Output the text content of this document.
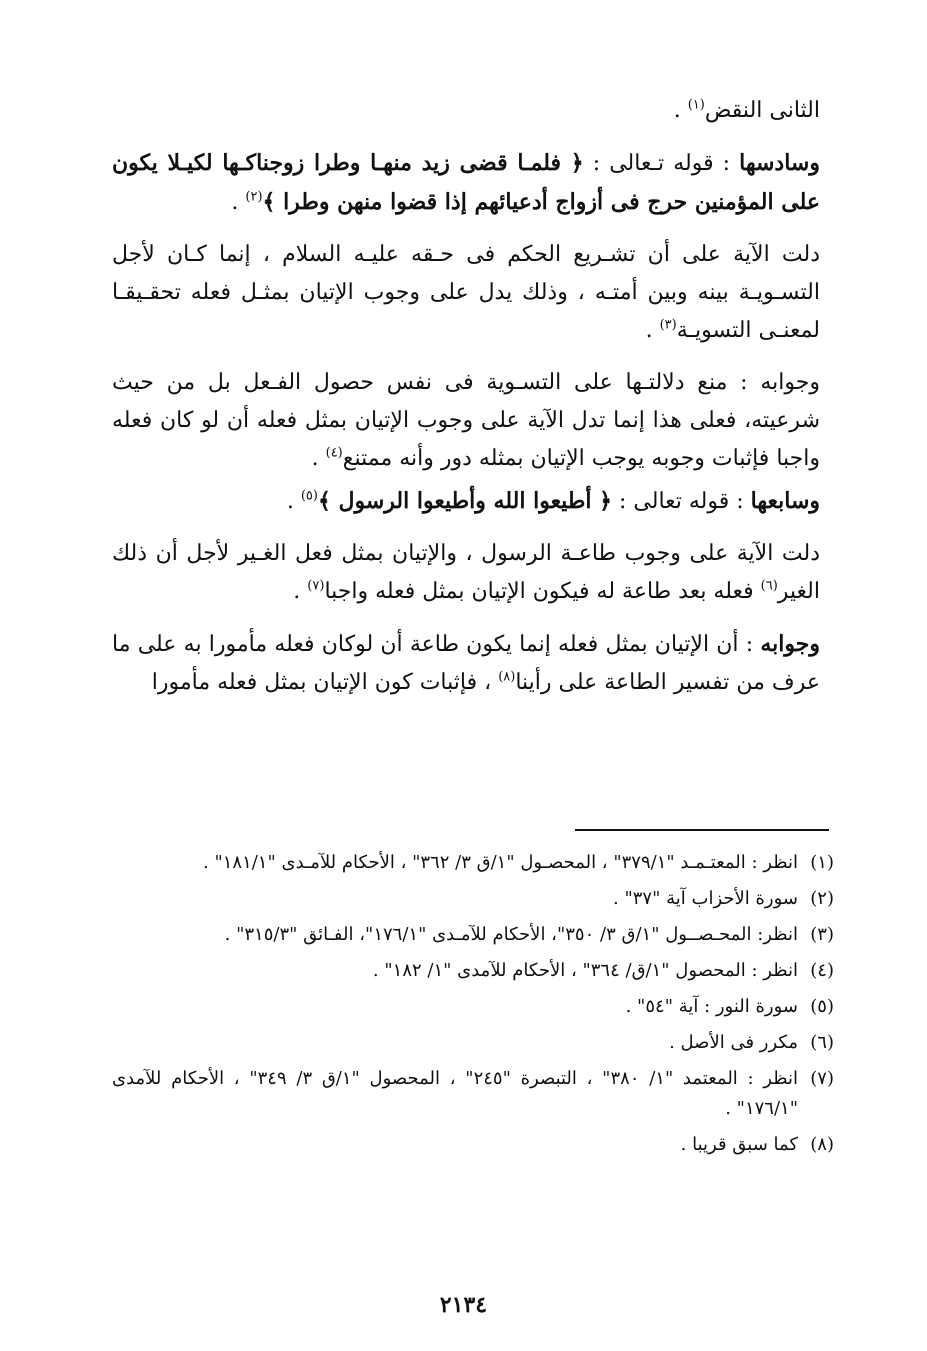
الثانى النقض$^{(١)}$ .

وسادسها : قوله تـعالى : ﴿ فلمـا قضى زيد منهـا وطرا زوجناكـها لكيـلا يكون على المؤمنين حرج فى أزواج أدعيائهم إذا قضوا منهن وطرا ﴾$^{(٢)}$ .

دلت الآية على أن تشـريع الحكم فى حـقه عليـه السلام ، إنما كـان لأجل التسـويـة بينه وبين أمتـه ، وذلك يدل على وجوب الإتيان بمثـل فعله تحقـيقـا لمعنـى التسويـة$^{(٣)}$ .

وجوابه : منع دلالتـها على التسـوية فى نفس حصول الفـعل بل من حيث شرعيته، فعلى هذا إنما تدل الآية على وجوب الإتيان بمثل فعله أن لو كان فعله واجبا فإثبات وجوبه يوجب الإتيان بمثله دور وأنه ممتنع$^{(٤)}$ .

وسابعها : قوله تعالى : ﴿ أطيعوا الله وأطيعوا الرسول ﴾$^{(٥)}$ .

دلت الآية على وجوب طاعـة الرسول ، والإتيان بمثل فعل الغـير لأجل أن ذلك الغير$^{(٦)}$ فعله بعد طاعة له فيكون الإتيان بمثل فعله واجبا$^{(٧)}$ .

وجوابه : أن الإتيان بمثل فعله إنما يكون طاعة أن لوكان فعله مأمورا به على ما عرف من تفسير الطاعة على رأينا$^{(٨)}$ ، فإثبات كون الإتيان بمثل فعله مأمورا

(١)
انظر : المعتـمـد "٣٧٩/١" ، المحصـول "١/ق ٣/ ٣٦٢" ، الأحكام للآمـدى "١٨١/١" .
(٢)
سورة الأحزاب آية "٣٧" .
(٣)
انظر: المحـصــول "١/ق ٣/ ٣٥٠"، الأحكام للآمـدى "١٧٦/١"، الفـائق "٣١٥/٣" .
(٤)
انظر : المحصول "١/ق/ ٣٦٤" ، الأحكام للآمدى "١/ ١٨٢" .
(٥)
سورة النور : آية "٥٤" .
(٦)
مكرر فى الأصل .
(٧)
انظر : المعتمد "١/ ٣٨٠" ، التبصرة "٢٤٥" ، المحصول "١/ق ٣/ ٣٤٩" ، الأحكام للآمدى "١٧٦/١" .
(٨)
كما سبق قريبا .
٢١٣٤
